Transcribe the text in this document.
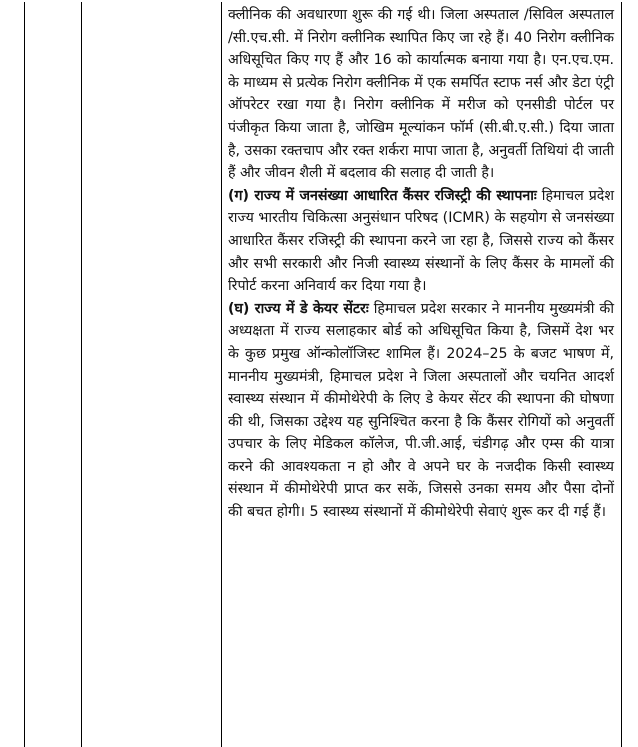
क्लीनिक की अवधारणा शुरू की गई थी। जिला अस्पताल /सिविल अस्पताल /सी.एच.सी. में निरोग क्लीनिक स्थापित किए जा रहे हैं। 40 निरोग क्लीनिक अधिसूचित किए गए हैं और 16 को कार्यात्मक बनाया गया है। एन.एच.एम. के माध्यम से प्रत्येक निरोग क्लीनिक में एक समर्पित स्टाफ नर्स और डेटा एंट्री ऑपरेटर रखा गया है। निरोग क्लीनिक में मरीज को एनसीडी पोर्टल पर पंजीकृत किया जाता है, जोखिम मूल्यांकन फॉर्म (सी.बी.ए.सी.) दिया जाता है, उसका रक्तचाप और रक्त शर्करा मापा जाता है, अनुवर्ती तिथियां दी जाती हैं और जीवन शैली में बदलाव की सलाह दी जाती है।

(ग) राज्य में जनसंख्या आधारित कैंसर रजिस्ट्री की स्थापनाः हिमाचल प्रदेश राज्य भारतीय चिकित्सा अनुसंधान परिषद (ICMR) के सहयोग से जनसंख्या आधारित कैंसर रजिस्ट्री की स्थापना करने जा रहा है, जिससे राज्य को कैंसर और सभी सरकारी और निजी स्वास्थ्य संस्थानों के लिए कैंसर के मामलों की रिपोर्ट करना अनिवार्य कर दिया गया है।

(घ) राज्य में डे केयर सेंटरः हिमाचल प्रदेश सरकार ने माननीय मुख्यमंत्री की अध्यक्षता में राज्य सलाहकार बोर्ड को अधिसूचित किया है, जिसमें देश भर के कुछ प्रमुख ऑन्कोलॉजिस्ट शामिल हैं। 2024–25 के बजट भाषण में, माननीय मुख्यमंत्री, हिमाचल प्रदेश ने जिला अस्पतालों और चयनित आदर्श स्वास्थ्य संस्थान में कीमोथेरेपी के लिए डे केयर सेंटर की स्थापना की घोषणा की थी, जिसका उद्देश्य यह सुनिश्चित करना है कि कैंसर रोगियों को अनुवर्ती उपचार के लिए मेडिकल कॉलेज, पी.जी.आई, चंडीगढ़ और एम्स की यात्रा करने की आवश्यकता न हो और वे अपने घर के नजदीक किसी स्वास्थ्य संस्थान में कीमोथेरेपी प्राप्त कर सकें, जिससे उनका समय और पैसा दोनों की बचत होगी। 5 स्वास्थ्य संस्थानों में कीमोथेरेपी सेवाएं शुरू कर दी गई हैं।
